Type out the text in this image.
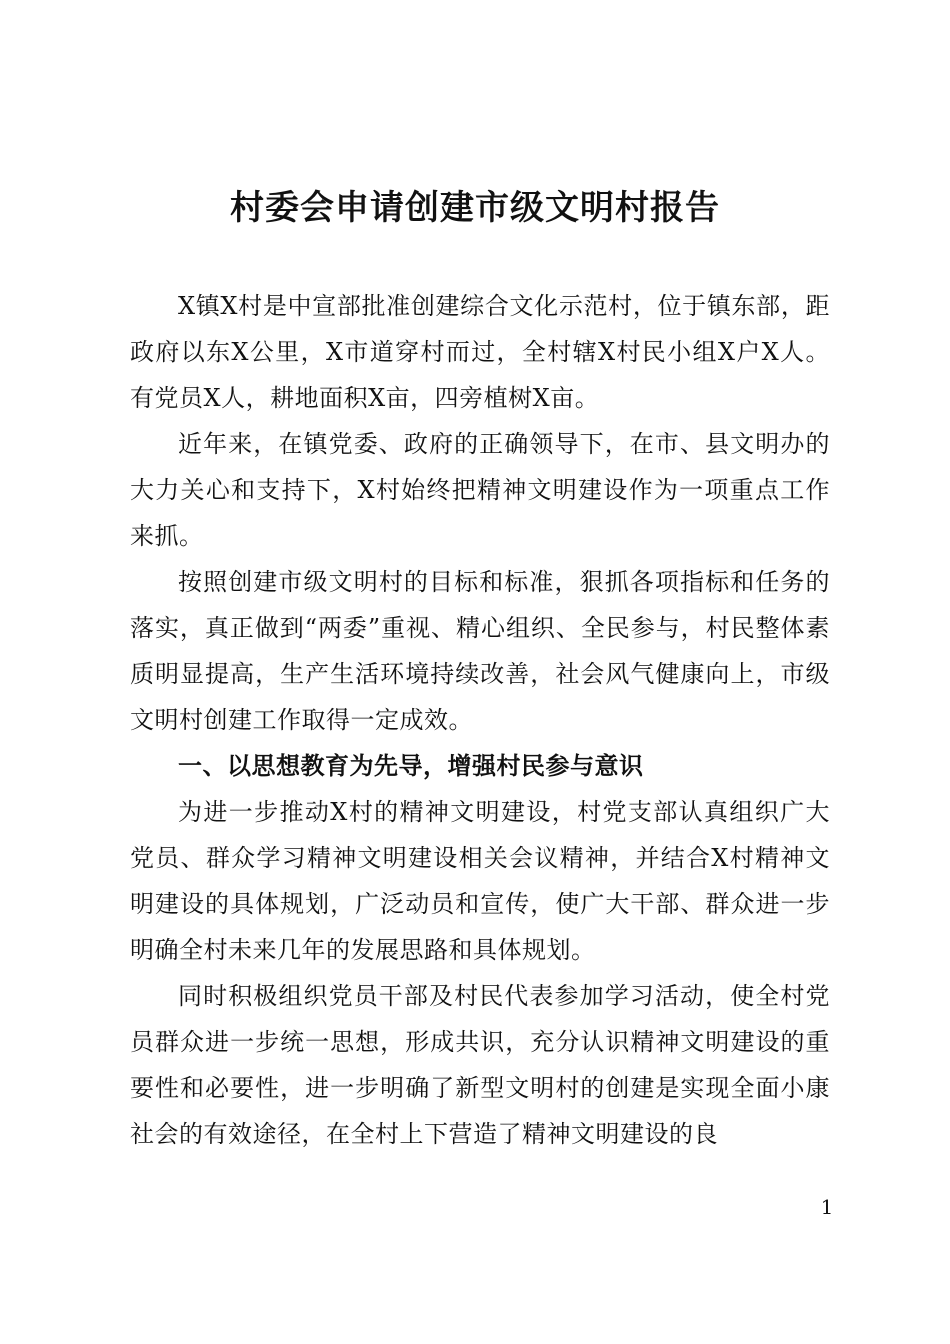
村委会申请创建市级文明村报告

X镇X村是中宣部批准创建综合文化示范村，位于镇东部，距政府以东X公里，X市道穿村而过，全村辖X村民小组X户X人。有党员X人，耕地面积X亩，四旁植树X亩。

近年来，在镇党委、政府的正确领导下，在市、县文明办的大力关心和支持下，X村始终把精神文明建设作为一项重点工作来抓。

按照创建市级文明村的目标和标准，狠抓各项指标和任务的落实，真正做到“两委”重视、精心组织、全民参与，村民整体素质明显提高，生产生活环境持续改善，社会风气健康向上，市级文明村创建工作取得一定成效。

一、以思想教育为先导，增强村民参与意识

为进一步推动X村的精神文明建设，村党支部认真组织广大党员、群众学习精神文明建设相关会议精神，并结合X村精神文明建设的具体规划，广泛动员和宣传，使广大干部、群众进一步明确全村未来几年的发展思路和具体规划。

同时积极组织党员干部及村民代表参加学习活动，使全村党员群众进一步统一思想，形成共识，充分认识精神文明建设的重要性和必要性，进一步明确了新型文明村的创建是实现全面小康社会的有效途径，在全村上下营造了精神文明建设的良

1
